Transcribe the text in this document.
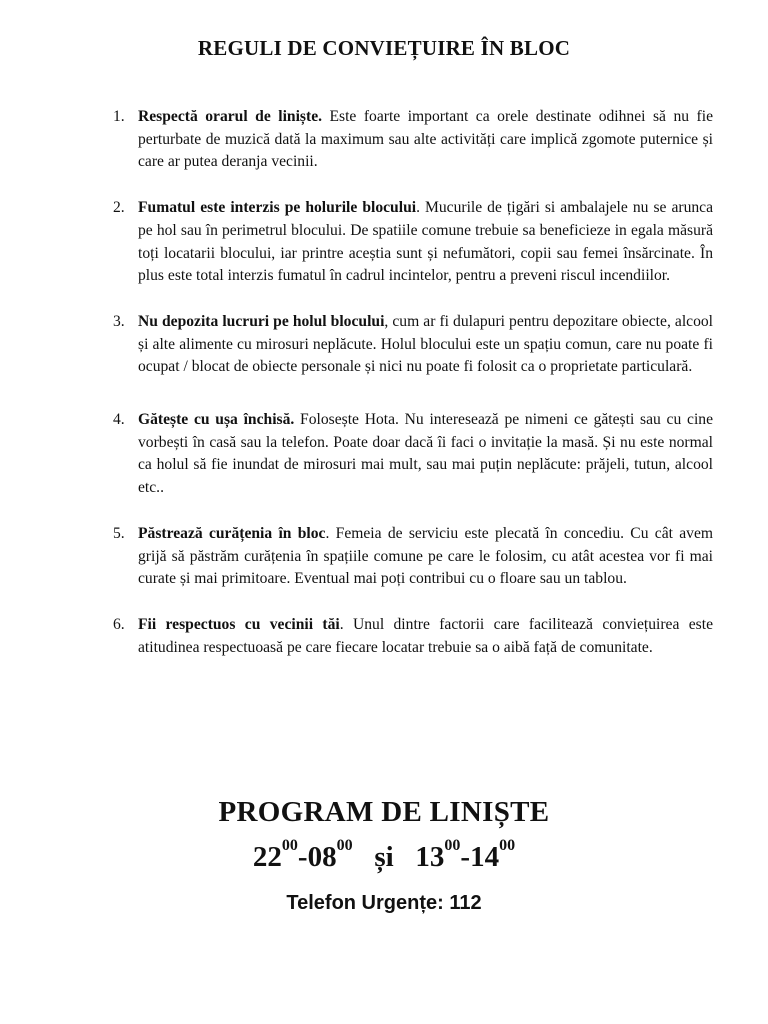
REGULI DE CONVIEȚUIRE ÎN BLOC
1. Respectă orarul de liniște. Este foarte important ca orele destinate odihnei să nu fie perturbate de muzică dată la maximum sau alte activități care implică zgomote puternice și care ar putea deranja vecinii.
2. Fumatul este interzis pe holurile blocului. Mucurile de țigări si ambalajele nu se aruncа pe hol sau în perimetrul blocului. De spatiile comune trebuie sa beneficieze in egala măsură toți locatarii blocului, iar printre aceștia sunt și nefumători, copii sau femei însărcinate. În plus este total interzis fumatul în cadrul incintelor, pentru a preveni riscul incendiilor.
3. Nu depozita lucruri pe holul blocului, cum ar fi dulapuri pentru depozitare obiecte, alcool și alte alimente cu mirosuri neplăcute. Holul blocului este un spațiu comun, care nu poate fi ocupat / blocat de obiecte personale și nici nu poate fi folosit ca o proprietate particulară.
4. Gătește cu ușa închisă. Folosește Hota. Nu interesează pe nimeni ce gătești sau cu cine vorbești în casă sau la telefon. Poate doar dacă îi faci o invitație la masă. Și nu este normal ca holul să fie inundat de mirosuri mai mult, sau mai puțin neplăcute: prăjeli, tutun, alcool etc..
5. Păstrează curățenia în bloc. Femeia de serviciu este plecată în concediu. Cu cât avem grijă să păstrăm curățenia în spațiile comune pe care le folosim, cu atât acestea vor fi mai curate și mai primitoare. Eventual mai poți contribui cu o floare sau un tablou.
6. Fii respectuos cu vecinii tăi. Unul dintre factorii care facilitează conviețuirea este atitudinea respectuoasă pe care fiecare locatar trebuie sa o aibă față de comunitate.
PROGRAM DE LINIȘTE
$22^{00}-08^{00}$ și $13^{00}-14^{00}$
Telefon Urgențe: 112
